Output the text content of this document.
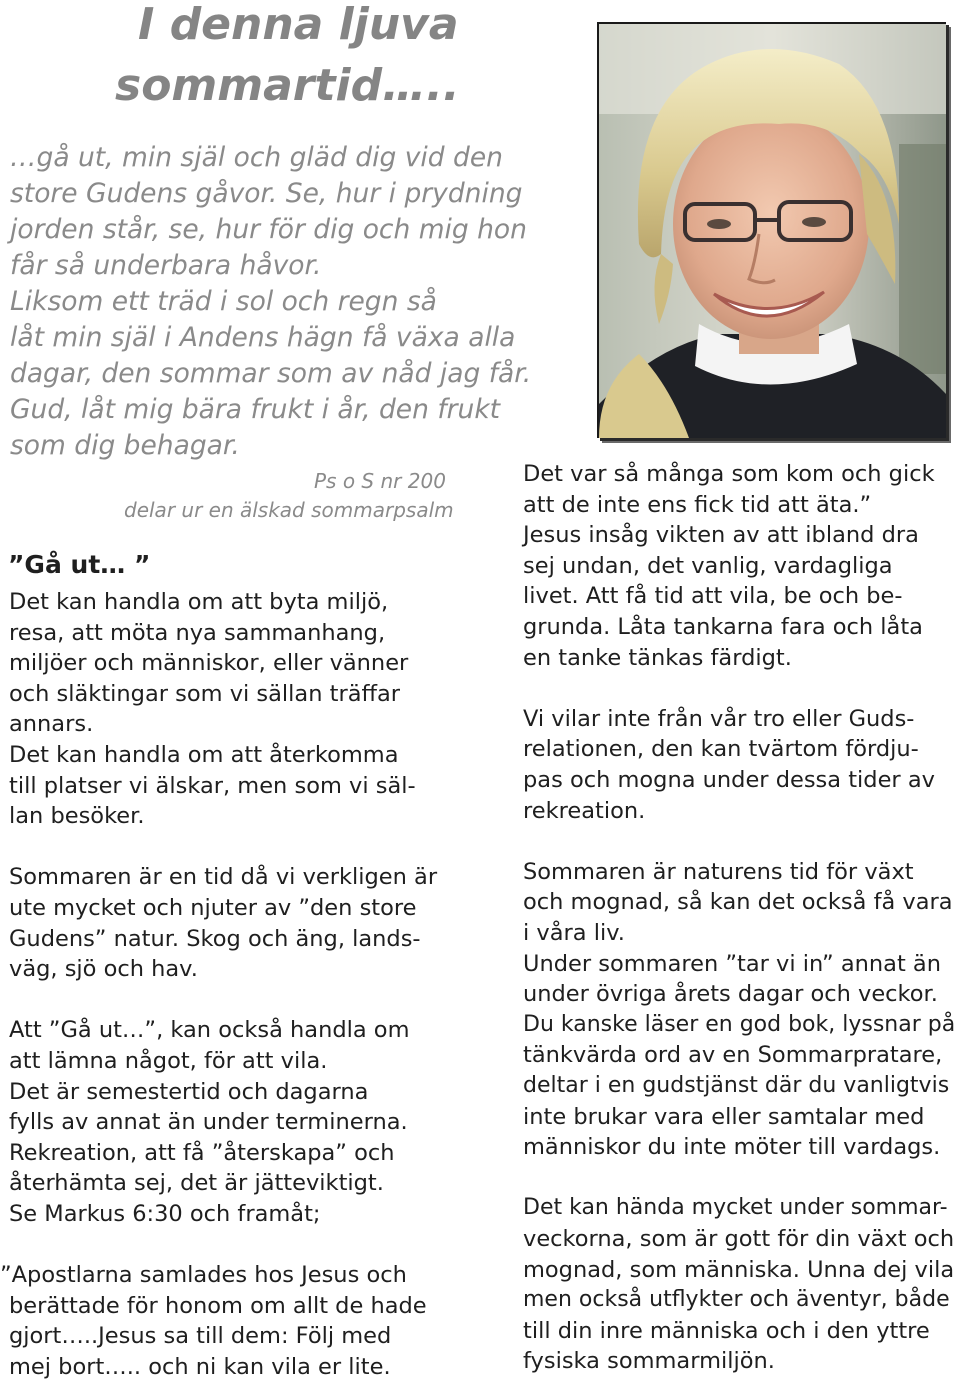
I denna ljuva
sommartid…..
…gå ut, min själ och gläd dig vid den
store Gudens gåvor. Se, hur i prydning
jorden står, se, hur för dig och mig hon
får så underbara håvor.
Liksom ett träd i sol och regn så
låt min själ i Andens hägn få växa alla
dagar, den sommar som av nåd jag får.
Gud, låt mig bära frukt i år, den frukt
som dig behagar.
Ps o S nr 200
delar ur en älskad sommarpsalm
”Gå ut… ”
Det kan handla om att byta miljö,
resa, att möta nya sammanhang,
miljöer och människor, eller vänner
och släktingar som vi sällan träffar
annars.
Det kan handla om att återkomma
till platser vi älskar, men som vi säl-
lan besöker.
Sommaren är en tid då vi verkligen är
ute mycket och njuter av ”den store
Gudens” natur. Skog och äng, lands-
väg, sjö och hav.
Att ”Gå ut…”, kan också handla om
att lämna något, för att vila.
Det är semestertid och dagarna
fylls av annat än under terminerna.
Rekreation, att få ”återskapa” och
återhämta sej, det är jätteviktigt.
Se Markus 6:30 och framåt;
”Apostlarna samlades hos Jesus och
berättade för honom om allt de hade
gjort…..Jesus sa till dem: Följ med
mej bort….. och ni kan vila er lite.
Det var så många som kom och gick
att de inte ens fick tid att äta.”
Jesus insåg vikten av att ibland dra
sej undan, det vanlig, vardagliga
livet. Att få tid att vila, be och be-
grunda. Låta tankarna fara och låta
en tanke tänkas färdigt.
Vi vilar inte från vår tro eller Guds-
relationen, den kan tvärtom fördju-
pas och mogna under dessa tider av
rekreation.
Sommaren är naturens tid för växt
och mognad, så kan det också få vara
i våra liv.
Under sommaren ”tar vi in” annat än
under övriga årets dagar och veckor.
Du kanske läser en god bok, lyssnar på
tänkvärda ord av en Sommarpratare,
deltar i en gudstjänst där du vanligtvis
inte brukar vara eller samtalar med
människor du inte möter till vardags.
Det kan hända mycket under sommar-
veckorna, som är gott för din växt och
mognad, som människa. Unna dej vila
men också utflykter och äventyr, både
till din inre människa och i den yttre
fysiska sommarmiljön.
